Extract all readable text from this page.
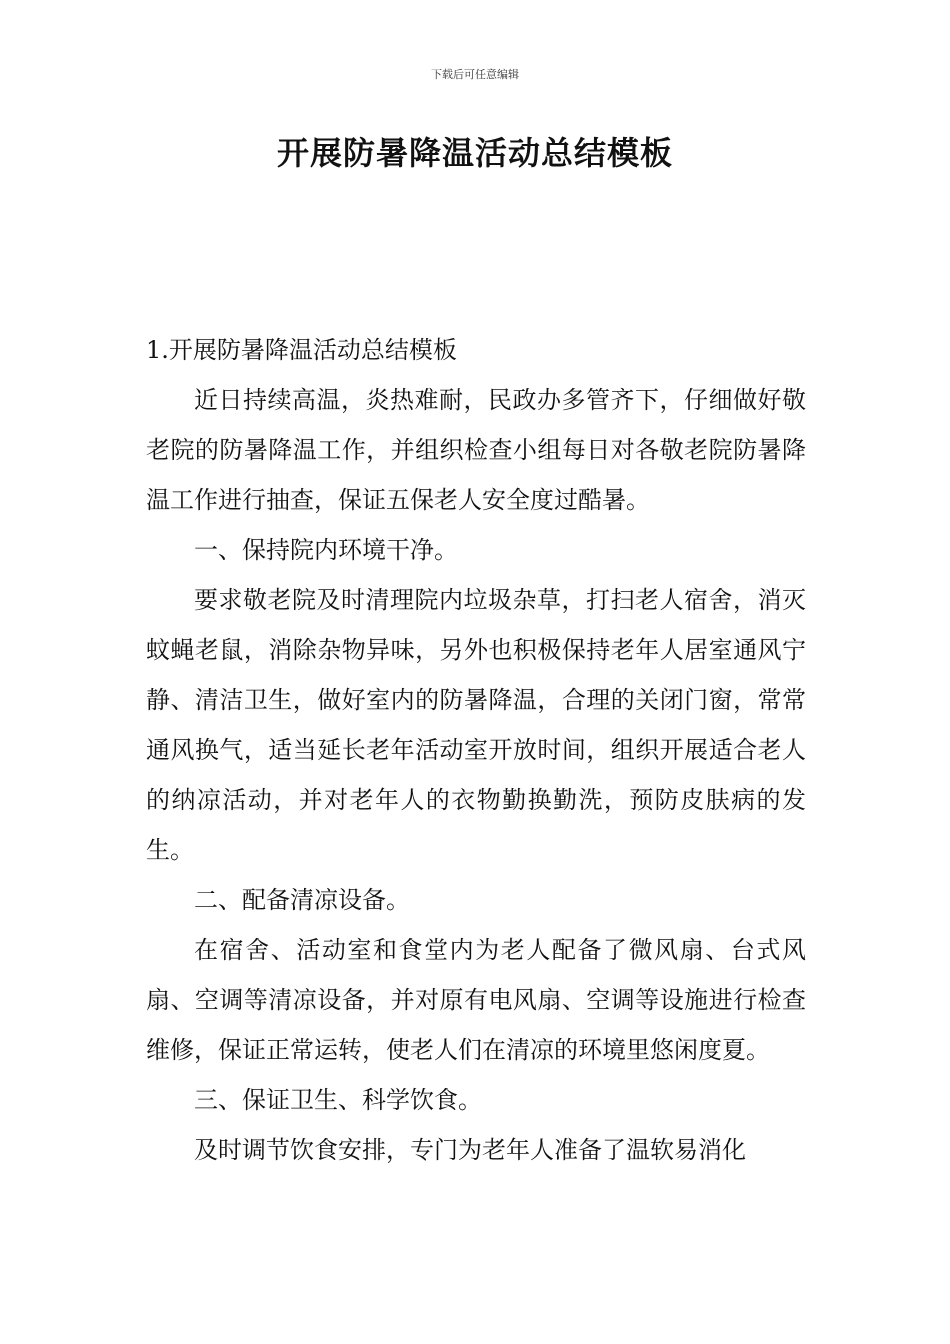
下载后可任意编辑
开展防暑降温活动总结模板

1.开展防暑降温活动总结模板

近日持续高温，炎热难耐，民政办多管齐下，仔细做好敬老院的防暑降温工作，并组织检查小组每日对各敬老院防暑降温工作进行抽查，保证五保老人安全度过酷暑。

一、保持院内环境干净。

要求敬老院及时清理院内垃圾杂草，打扫老人宿舍，消灭蚊蝇老鼠，消除杂物异味，另外也积极保持老年人居室通风宁静、清洁卫生，做好室内的防暑降温，合理的关闭门窗，常常通风换气，适当延长老年活动室开放时间，组织开展适合老人的纳凉活动，并对老年人的衣物勤换勤洗，预防皮肤病的发生。

二、配备清凉设备。

在宿舍、活动室和食堂内为老人配备了微风扇、台式风扇、空调等清凉设备，并对原有电风扇、空调等设施进行检查维修，保证正常运转，使老人们在清凉的环境里悠闲度夏。

三、保证卫生、科学饮食。

及时调节饮食安排，专门为老年人准备了温软易消化
